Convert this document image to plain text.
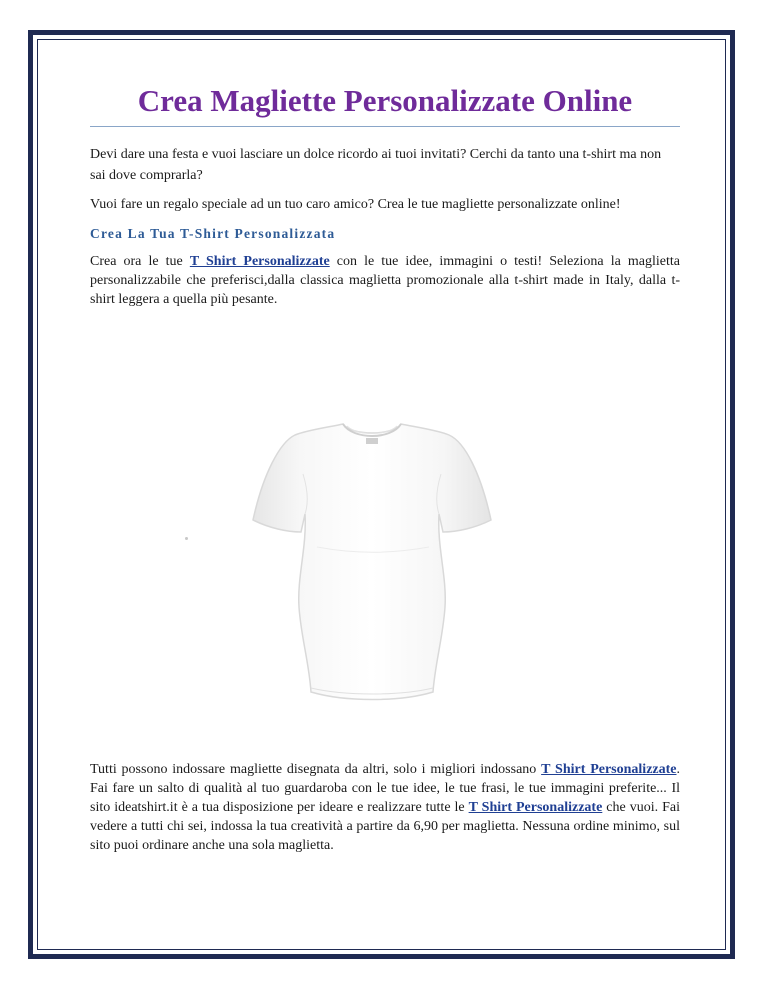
Crea Magliette Personalizzate Online

Devi dare una festa e vuoi lasciare un dolce ricordo ai tuoi invitati? Cerchi da tanto una t-shirt ma non sai dove comprarla?

Vuoi fare un regalo speciale ad un tuo caro amico? Crea le tue magliette personalizzate online!

Crea La Tua T-Shirt Personalizzata

Crea ora le tue T Shirt Personalizzate con le tue idee, immagini o testi! Seleziona la maglietta personalizzabile che preferisci,dalla classica maglietta promozionale alla t-shirt made in Italy, dalla t-shirt leggera a quella più pesante.

Tutti possono indossare magliette disegnata da altri, solo i migliori indossano T Shirt Personalizzate. Fai fare un salto di qualità al tuo guardaroba con le tue idee, le tue frasi, le tue immagini preferite... Il sito ideatshirt.it è a tua disposizione per ideare e realizzare tutte le T Shirt Personalizzate che vuoi. Fai vedere a tutti chi sei, indossa la tua creatività a partire da 6,90 per maglietta. Nessuna ordine minimo, sul sito puoi ordinare anche una sola maglietta.
